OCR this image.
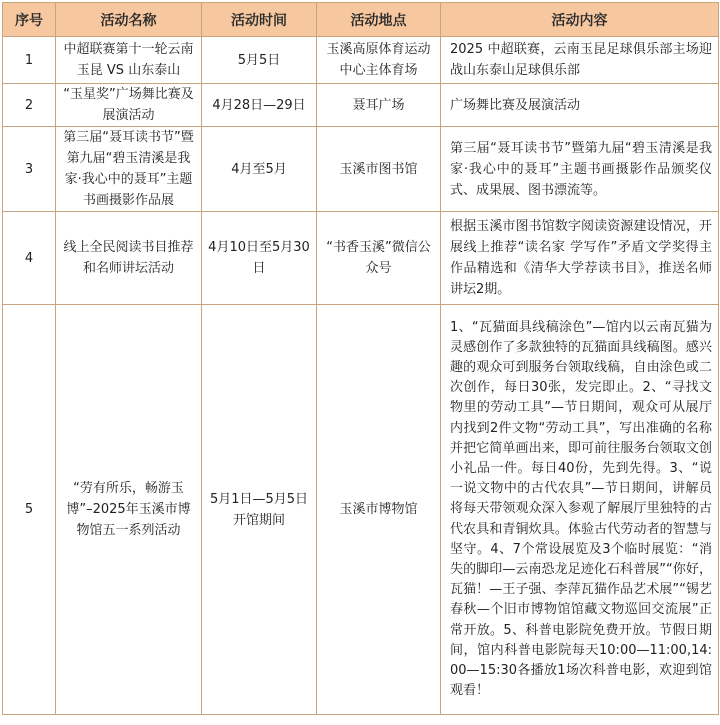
序号	活动名称	活动时间	活动地点	活动内容
1	中超联赛第十一轮云南玉昆 VS 山东泰山	5月5日	玉溪高原体育运动中心主体育场	2025 中超联赛，云南玉昆足球俱乐部主场迎战山东泰山足球俱乐部
2	“玉星奖”广场舞比赛及展演活动	4月28日—29日	聂耳广场	广场舞比赛及展演活动
3	第三届“聂耳读书节”暨第九届“碧玉清溪是我家·我心中的聂耳”主题书画摄影作品展	4月至5月	玉溪市图书馆	第三届“聂耳读书节”暨第九届“碧玉清溪是我家·我心中的聂耳”主题书画摄影作品颁奖仪式、成果展、图书漂流等。
4	线上全民阅读书目推荐和名师讲坛活动	4月10日至5月30日	“书香玉溪”微信公众号	根据玉溪市图书馆数字阅读资源建设情况，开展线上推荐“读名家 学写作”矛盾文学奖得主作品精选和《清华大学荐读书目》，推送名师讲坛2期。
5	“劳有所乐，畅游玉博”–2025年玉溪市博物馆五一系列活动	5月1日—5月5日开馆期间	玉溪市博物馆	1、“瓦猫面具线稿涂色”—馆内以云南瓦猫为灵感创作了多款独特的瓦猫面具线稿图。感兴趣的观众可到服务台领取线稿，自由涂色或二次创作，每日30张，发完即止。2、“寻找文物里的劳动工具”—节日期间，观众可从展厅内找到2件文物“劳动工具”，写出准确的名称并把它简单画出来，即可前往服务台领取文创小礼品一件。每日40份，先到先得。3、“说一说文物中的古代农具”—节日期间，讲解员将每天带领观众深入参观了解展厅里独特的古代农具和青铜炊具。体验古代劳动者的智慧与坚守。4、7个常设展览及3个临时展览：“消失的脚印—云南恐龙足迹化石科普展”“你好，瓦猫！—王子强、李萍瓦猫作品艺术展”“锡艺春秋—个旧市博物馆馆藏文物巡回交流展”正常开放。5、科普电影院免费开放。节假日期间，馆内科普电影院每天10:00—11:00,14:00—15:30各播放1场次科普电影，欢迎到馆观看！
